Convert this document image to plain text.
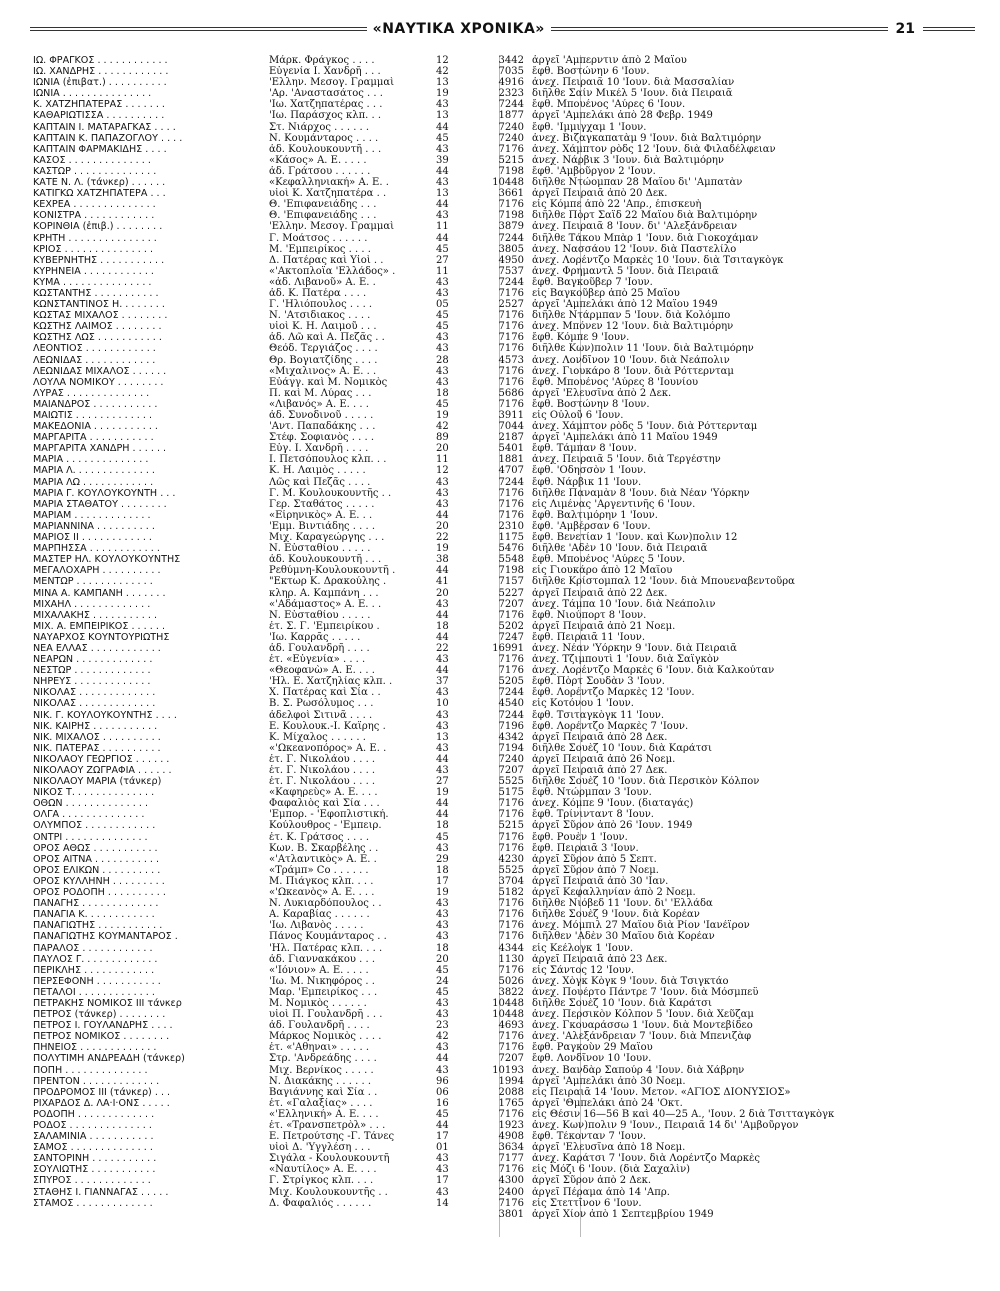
«ΝΑΥΤΙΚΑ ΧΡΟΝΙΚΑ»	21
ΙΩ. ΦΡΑΓΚΟΣ . . . . . . . . . . . .	Μάρκ. Φράγκος . . . .	12	3442 ἀργεῖ 'Αμπερντιν ἀπὸ 2 Μαΐου
ΙΩ. ΧΑΝΔΡΗΣ . . . . . . . . . . . .	Εὐγενία Ι. Χανδρῆ . . .	42	7035 ἔφθ. Βοστώνην 6 'Ιουν.
ΙΩΝΙΑ (ἐπιβατ.) . . . . . . . . . .	'Ελλην. Μεσογ. Γραμμαὶ	13	4916 ἀνεχ. Πειραιᾶ 10 'Ιουν. διὰ Μασσαλίαν
ΙΩΝΙΑ . . . . . . . . . . . . . . .	'Αρ. 'Αναστασάτος . . .	19	2323 διῆλθε Σαίν Μικέλ 5 'Ιουν. διὰ Πειραιᾶ
Κ. ΧΑΤΖΗΠΑΤΕΡΑΣ . . . . . . .	'Ιω. Χατζηπατέρας . . .	43	7244 ἔφθ. Μπουένος 'Αύρες 6 'Ιουν.
ΚΑΘΑΡΙΩΤΙΣΣΑ . . . . . . . . . .	'Ιω. Παράσχος κλπ. . .	13	1877 ἀργεῖ 'Αμπελάκι ἀπὸ 28 Φεβρ. 1949
ΚΑΠΤΑΙΝ Ι. ΜΑΤΑΡΑΓΚΑΣ . . . .	Στ. Νιάρχος . . . . . .	44	7240 ἔφθ. 'Ιμμιγχαμ 1 'Ιουν.
ΚΑΠΤΑΙΝ Κ. ΠΑΠΑΖΟΓΛΟΥ . . . .	Ν. Κουμάνταρος . . . .	45	7240 ἀνεχ. Βιζαγκαπατὰμ 9 'Ιουν. διὰ Βαλτιμόρην
ΚΑΠΤΑΙΝ ΦΑΡΜΑΚΙΔΗΣ . . . .	ἀδ. Κουλουκουντῆ . . .	43	7176 ἀνεχ. Χάμπτον ρὸδς 12 'Ιουν. διὰ Φιλαδέλφειαν
ΚΑΣΟΣ . . . . . . . . . . . . . .	«Κάσος» Α. Ε. . . . .	39	5215 ἀνεχ. Νάρβικ 3 'Ιουν. διὰ Βαλτιμόρην
ΚΑΣΤΩΡ . . . . . . . . . . . . . .	ἀδ. Γράτσου . . . . . .	44	7198 ἔφθ. 'Αμβοῦργον 2 'Ιουν.
ΚΑΤΕ Ν. Λ. (τάνκερ) . . . . . .	«Κεφαλληνιακή» Α. Ε. .	43	10448 διῆλθε Ντώομπαν 28 Μαΐου δι' 'Αμπατὰν
ΚΑΤΙΓΚΩ ΧΑΤΖΗΠΑΤΕΡΑ . . .	υἱοὶ Κ. Χατζηπατέρα . .	13	3661 ἀργεῖ Πειραιᾶ ἀπὸ 20 Δεκ.
ΚΕΧΡΕΑ . . . . . . . . . . . . . .	Θ. 'Επιφανειάδης . . .	44	7176 εἰς Κόμπε ἀπὸ 22 'Απρ., ἐπισκευὴ
ΚΟΝΙΣΤΡΑ . . . . . . . . . . . .	Θ. 'Επιφανειάδης . . .	43	7198 διῆλθε Πὸρτ Σαΐδ 22 Μαΐου διὰ Βαλτιμόρην
ΚΟΡΙΝΘΙΑ (ἐπιβ.) . . . . . . . .	'Ελλην. Μεσογ. Γραμμαὶ	11	3879 ἀνεχ. Πειραιᾶ 8 'Ιουν. δι' 'Αλεξάνδρειαν
ΚΡΗΤΗ . . . . . . . . . . . . . . .	Γ. Μοάτσος . . . . . .	44	7244 διῆλθε Τάκου Μπὰρ 1 'Ιουν. διὰ Γιοκοχάμαν
ΚΡΙΟΣ . . . . . . . . . . . . . . .	Μ. 'Εμπειρίκος . . . .	45	3805 ἀνεχ. Νασσάου 12 'Ιουν. διὰ Παστελίλο
ΚΥΒΕΡΝΗΤΗΣ . . . . . . . . . . .	Δ. Πατέρας καὶ Υἱοὶ . .	27	4950 ἀνεχ. Λορέντζο Μαρκὲς 10 'Ιουν. διὰ Τσιταγκὸγκ
ΚΥΡΗΝΕΙΑ . . . . . . . . . . . .	«'Ακτοπλοΐα 'Ελλάδος» .	11	7537 ἀνεχ. Φρημαντλ 5 'Ιουν. διὰ Πειραιᾶ
ΚΥΜΑ . . . . . . . . . . . . . . .	«ἀδ. Λιβανοῦ» Α. Ε. .	43	7244 ἔφθ. Βαγκοῦβερ 7 'Ιουν.
ΚΩΣΤΑΝΤΗΣ . . . . . . . . . . .	ἀδ. Κ. Πατέρα . . . .	43	7176 εἰς Βαγκοῦβερ ἀπὸ 25 Μαΐου
ΚΩΝΣΤΑΝΤΙΝΟΣ Η. . . . . . . .	Γ. 'Ηλιόπουλος . . . .	05	2527 ἀργεῖ 'Αμπελάκι ἀπὸ 12 Μαΐου 1949
ΚΩΣΤΑΣ ΜΙΧΑΛΟΣ . . . . . . . .	Ν. 'Ατσιδιακος . . . .	45	7176 διῆλθε Ντάρμπαν 5 'Ιουν. διὰ Κολόμπο
ΚΩΣΤΗΣ ΛΑΙΜΟΣ . . . . . . . .	υἱοὶ Κ. Η. Λαιμοῦ . . .	45	7176 ἀνεχ. Μπόνεν 12 'Ιουν. διὰ Βαλτιμόρην
ΚΩΣΤΗΣ ΛΩΣ . . . . . . . . . . .	ἀδ. Λῶ καὶ Α. Πεζᾶς . .	43	7176 ἔφθ. Κόμπε 9 'Ιουν.
ΛΕΟΝΤΙΟΣ . . . . . . . . . . . .	Θεόδ. Τεργιάζος . . . .	43	7176 διῆλθε Κων)πολιν 11 'Ιουν. διὰ Βαλτιμόρην
ΛΕΩΝΙΔΑΣ . . . . . . . . . . . .	Θρ. Βογιατζίδης . . . .	28	4573 ἀνεχ. Λονδῖνον 10 'Ιουν. διὰ Νεάπολιν
ΛΕΩΝΙΔΑΣ ΜΙΧΑΛΟΣ . . . . . .	«Μιχαλινος» Α. Ε. . .	43	7176 ἀνεχ. Γιουκάρο 8 'Ιουν. διὰ Ρόττερνταμ
ΛΟΥΛΑ ΝΟΜΙΚΟΥ . . . . . . . .	Εὐάγγ. καὶ Μ. Νομικὸς	43	7176 ἔφθ. Μπουένος 'Αύρες 8 'Ιουνίου
ΛΥΡΑΣ . . . . . . . . . . . . . .	Π. καὶ Μ. Λύρας . . .	18	5686 ἀργεῖ 'Ελευσῖνα ἀπὸ 2 Δεκ.
ΜΑΙΑΝΔΡΟΣ . . . . . . . . . . .	«Λιβανός» Α. Ε. . . .	45	7176 ἔφθ. Βοστώνην 8 'Ιουν.
ΜΑΙΩΤΙΣ . . . . . . . . . . . . .	ἀδ. Συνοδινοῦ . . . . .	19	3911 εἰς Οὐλοῦ 6 'Ιουν.
ΜΑΚΕΔΟΝΙΑ . . . . . . . . . . .	'Αντ. Παπαδάκης . . .	42	7044 ἀνεχ. Χάμπτον ρὸδς 5 'Ιουν. διὰ Ρόττερνταμ
ΜΑΡΓΑΡΙΤΑ . . . . . . . . . . .	Στέφ. Σοφιανὸς . . . .	89	2187 ἀργεῖ 'Αμπελάκι ἀπὸ 11 Μαΐου 1949
ΜΑΡΓΑΡΙΤΑ ΧΑΝΔΡΗ . . . . . .	Εὐγ. Ι. Χανδρῆ . . . .	20	5401 ἔφθ. Τάμπαν 8 'Ιουν.
ΜΑΡΙΑ . . . . . . . . . . . . . .	Ι. Πετσόπουλος κλπ. . .	11	1881 ἀνεχ. Πειραιᾶ 5 'Ιουν. διὰ Τεργέστην
ΜΑΡΙΑ Λ. . . . . . . . . . . . . .	Κ. Η. Λαιμὸς . . . . .	12	4707 ἔφθ. 'Οδησσὸν 1 'Ιουν.
ΜΑΡΙΑ ΛΩ . . . . . . . . . . . .	Λῶς καὶ Πεζᾶς . . . .	43	7244 ἔφθ. Νάρβικ 11 'Ιουν.
ΜΑΡΙΑ Γ. ΚΟΥΛΟΥΚΟΥΝΤΗ . . .	Γ. Μ. Κουλουκουντῆς . .	43	7176 διῆλθε Παναμὰν 8 'Ιουν. διὰ Νέαν 'Υόρκην
ΜΑΡΙΑ ΣΤΑΘΑΤΟΥ . . . . . . . .	Γερ. Σταθάτος . . . . .	43	7176 εἰς Λιμένας 'Αργεντινῆς 6 'Ιουν.
ΜΑΡΙΑΜ . . . . . . . . . . . . .	«Εἰρηνικὸς» Α. Ε. . .	44	7176 ἔφθ. Βαλτιμόρην 1 'Ιουν.
ΜΑΡΙΑΝΝΙΝΑ . . . . . . . . . .	'Εμμ. Βιντιάδης . . . .	20	2310 ἔφθ. 'Αμβέρσαν 6 'Ιουν.
ΜΑΡΙΟΣ ΙΙ . . . . . . . . . . . .	Μιχ. Καραγεώργης . . .	22	1175 ἔφθ. Βενετίαν 1 'Ιουν. καὶ Κων)πολιν 12
ΜΑΡΠΗΣΣΑ . . . . . . . . . . . .	Ν. Εὐσταθίου . . . . .	19	5476 διῆλθε 'Αδὲν 10 'Ιουν. διὰ Πειραιᾶ
ΜΑΣΤΕΡ ΗΛ. ΚΟΥΛΟΥΚΟΥΝΤΗΣ	ἀδ. Κουλουκουντῆ . . .	38	5548 ἔφθ. Μπουένος 'Αύρες 5 'Ιουν.
ΜΕΓΑΛΟΧΑΡΗ . . . . . . . . . .	Ρεθύμνη-Κουλουκουντῆ .	44	7198 εἰς Γιουκάρο ἀπὸ 12 Μαΐου
ΜΕΝΤΩΡ . . . . . . . . . . . . .	"Εκτωρ Κ. Δρακούλης .	41	7157 διῆλθε Κρίστομπαλ 12 'Ιουν. διὰ Μπουεναβεντοῦρα
ΜΙΝΑ Α. ΚΑΜΠΑΝΗ . . . . . . .	κληρ. Α. Καμπάνη . . .	20	5227 ἀργεῖ Πειραιᾶ ἀπὸ 22 Δεκ.
ΜΙΧΑΗΛ . . . . . . . . . . . . .	«'Αδάμαστος» Α. Ε. . .	43	7207 ἀνεχ. Τάμπα 10 'Ιουν. διὰ Νεάπολιν
ΜΙΧΑΛΑΚΗΣ . . . . . . . . . . .	Ν. Εὐσταθίου . . . . .	44	7176 ἔφθ. Νιούπορτ 8 'Ιουν.
ΜΙΧ. Α. ΕΜΠΕΙΡΙΚΟΣ . . . . . .	ἐτ. Σ. Γ. 'Εμπειρίκου .	18	5202 ἀργεῖ Πειραιᾶ ἀπὸ 21 Νοεμ.
ΝΑΥΑΡΧΟΣ ΚΟΥΝΤΟΥΡΙΩΤΗΣ	'Ιω. Καρρᾶς . . . . .	44	7247 ἔφθ. Πειραιᾶ 11 'Ιουν.
ΝΕΑ ΕΛΛΑΣ . . . . . . . . . . . .	ἀδ. Γουλανδρῆ . . . .	22	16991 ἀνεχ. Νέαν 'Υόρκην 9 'Ιουν. διὰ Πειραιᾶ
ΝΕΑΡΩΝ . . . . . . . . . . . . .	ἐτ. «Εὐγενία» . . . .	43	7176 ἀνεχ. Τζιμπουτὶ 1 'Ιουν. διὰ Σαϊγκὸν
ΝΕΣΤΩΡ . . . . . . . . . . . . .	«Θεοφανὼ» Α. Ε. . . .	44	7176 ἀνεχ. Λορέντζο Μαρκὲς 6 'Ιουν. διὰ Καλκούταν
ΝΗΡΕΥΣ . . . . . . . . . . . . .	'Ηλ. Ε. Χατζηλίας κλπ. .	37	5205 ἔφθ. Πὸρτ Σουδὰν 3 'Ιουν.
ΝΙΚΟΛΑΣ . . . . . . . . . . . . .	Χ. Πατέρας καὶ Σία . .	43	7244 ἔφθ. Λορέντζο Μαρκὲς 12 'Ιουν.
ΝΙΚΟΛΑΣ . . . . . . . . . . . . .	Β. Σ. Ρωσόλυμος . . .	10	4540 εἰς Κοτόνου 1 'Ιουν.
ΝΙΚ. Γ. ΚΟΥΛΟΥΚΟΥΝΤΗΣ . . . .	ἀδελφοὶ Σιτινᾶ . . . .	43	7244 ἔφθ. Τσιταγκὸγκ 11 'Ιουν.
ΝΙΚ. ΚΑΙΡΗΣ . . . . . . . . . . .	Ε. Κουλουκ.-Ι. Καΐρης .	43	7196 ἔφθ. Λορέντζο Μαρκὲς 7 'Ιουν.
ΝΙΚ. ΜΙΧΑΛΟΣ . . . . . . . . . .	Κ. Μίχαλος . . . . . .	13	4342 ἀργεῖ Πειραιᾶ ἀπὸ 28 Δεκ.
ΝΙΚ. ΠΑΤΕΡΑΣ . . . . . . . . . .	«'Ωκεανοπόρος» Α. Ε. .	43	7194 διῆλθε Σουὲζ 10 'Ιουν. διὰ Καράτσι
ΝΙΚΟΛΑΟΥ ΓΕΩΡΓΙΟΣ . . . . . .	ἐτ. Γ. Νικολάου . . . .	44	7240 ἀργεῖ Πειραιᾶ ἀπὸ 26 Νοεμ.
ΝΙΚΟΛΑΟΥ ΖΩΓΡΑΦΙΑ . . . . . .	ἐτ. Γ. Νικολάου . . . .	43	7207 ἀργεῖ Πειραιᾶ ἀπὸ 27 Δεκ.
ΝΙΚΟΛΑΟΥ ΜΑΡΙΑ (τάνκερ)	ἐτ. Γ. Νικολάου . . . .	27	5525 διῆλθε Σουὲζ 10 'Ιουν. διὰ Περσικὸν Κόλπον
ΝΙΚΟΣ Τ. . . . . . . . . . . . . .	«Καφηρεὺς» Α. Ε. . . .	19	5175 ἔφθ. Ντώρμπαν 3 'Ιουν.
ΟΘΩΝ . . . . . . . . . . . . . .	Φαφαλιὸς καὶ Σία . . .	44	7176 ἀνεχ. Κόμπε 9 'Ιουν. (διαταγάς)
ΟΛΓΑ . . . . . . . . . . . . . .	'Εμπορ. - 'Εφοπλιστική.	44	7176 ἔφθ. Τρίνινταντ 8 'Ιουν.
ΟΛΥΜΠΟΣ . . . . . . . . . . . .	Κούλουθρος - 'Εμπειρ.	18	5215 ἀργεῖ Σῦρον ἀπὸ 26 'Ιουν. 1949
ΟΝΤΡΙ . . . . . . . . . . . . . .	ἐτ. Κ. Γράτσος . . . .	45	7176 ἔφθ. Ρουὲν 1 'Ιουν.
ΟΡΟΣ ΑΘΩΣ . . . . . . . . . . .	Κων. Β. Σκαρβέλης . .	43	7176 ἔφθ. Πειραιᾶ 3 'Ιουν.
ΟΡΟΣ ΑΙΤΝΑ . . . . . . . . . . .	«'Ατλαντικὸς» Α. Ε. .	29	4230 ἀργεῖ Σῦρον ἀπὸ 5 Σεπτ.
ΟΡΟΣ ΕΛΙΚΩΝ . . . . . . . . . .	«Τράμπ» Co . . . . . .	18	5525 ἀργεῖ Σῦρον ἀπὸ 7 Νοεμ.
ΟΡΟΣ ΚΥΛΛΗΝΗ . . . . . . . . .	Μ. Πιάγκος κλπ. . . .	17	3704 ἀργεῖ Πειραιᾶ ἀπὸ 30 'Ιαν.
ΟΡΟΣ ΡΟΔΟΠΗ . . . . . . . . . .	«'Ωκεανὸς» Α. Ε. . . .	19	5182 ἀργεῖ Κεφαλληνίαν ἀπὸ 2 Νοεμ.
ΠΑΝΑΓΗΣ . . . . . . . . . . . . .	Ν. Λυκιαρδόπουλος . .	43	7176 διῆλθε Νιόβεδ 11 'Ιουν. δι' 'Ελλάδα
ΠΑΝΑΓΙΑ Κ. . . . . . . . . . . .	Α. Καραβίας . . . . . .	43	7176 διῆλθε Σουὲζ 9 'Ιουν. διὰ Κορέαν
ΠΑΝΑΓΙΩΤΗΣ . . . . . . . . . . .	'Ιω. Λιβανὸς . . . . .	43	7176 ἀνεχ. Μόμπιλ 27 Μαΐου διὰ Ρίον 'Ιανέϊρον
ΠΑΝΑΓΙΩΤΗΣ ΚΟΥΜΑΝΤΑΡΟΣ .	Πάνος Κουμάνταρος . .	43	7176 διῆλθεν 'Αδὲν 30 Μαΐου διὰ Κορέαν
ΠΑΡΑΛΟΣ . . . . . . . . . . . .	'Ηλ. Πατέρας κλπ. . . .	18	4344 εἰς Κεέλογκ 1 'Ιουν.
ΠΑΥΛΟΣ Γ. . . . . . . . . . . . .	ἀδ. Γιαννακάκου . . .	20	1130 ἀργεῖ Πειραιᾶ ἀπὸ 23 Δεκ.
ΠΕΡΙΚΛΗΣ . . . . . . . . . . . .	«'Ιόνιον» Α. Ε. . . . .	45	7176 εἰς Σάντος 12 'Ιουν.
ΠΕΡΣΕΦΟΝΗ . . . . . . . . . . .	'Ιω. Μ. Νικηφόρος . .	24	5026 ἀνεχ. Χὸγκ Κὸγκ 9 'Ιουν. διὰ Τσιγκτάο
ΠΕΤΑΛΟΙ . . . . . . . . . . . . .	Μαρ. 'Εμπειρίκος . . .	45	3822 ἀνεχ. Πουέρτο Πάντρε 7 'Ιουν. διὰ Μόσμπεϋ
ΠΕΤΡΑΚΗΣ ΝΟΜΙΚΟΣ ΙΙΙ τάνκερ	Μ. Νομικὸς . . . . . .	43	10448 διῆλθε Σουὲζ 10 'Ιουν. διὰ Καράτσι
ΠΕΤΡΟΣ (τάνκερ) . . . . . . . .	υἱοὶ Π. Γουλανδρῆ . . .	43	10448 ἀνεχ. Περσικὸν Κόλπον 5 'Ιουν. διὰ Χεῦζαμ
ΠΕΤΡΟΣ Ι. ΓΟΥΛΑΝΔΡΗΣ . . . .	ἀδ. Γουλανδρῆ . . . .	23	4693 ἀνεχ. Γκουαράσσω 1 'Ιουν. διὰ Μοντεβίδεο
ΠΕΤΡΟΣ ΝΟΜΙΚΟΣ . . . . . . . .	Μάρκος Νομικὸς . . . .	42	7176 ἀνεχ. 'Αλεξάνδρειαν 7 'Ιουν. διὰ Μπενιζὰφ
ΠΗΝΕΙΟΣ . . . . . . . . . . . . .	ἐτ. «'Αθηναι» . . . . .	43	7176 ἔφθ. Ραγκοὺν 29 Μαΐου
ΠΟΛΥΤΙΜΗ ΑΝΔΡΕΑΔΗ (τάνκερ)	Στρ. 'Ανδρεάδης . . . .	44	7207 ἔφθ. Λονδῖνον 10 'Ιουν.
ΠΟΠΗ . . . . . . . . . . . . . .	Μιχ. Βερνίκος . . . . .	43	10193 ἀνεχ. Βανδὰρ Σαπούρ 4 'Ιουν. διὰ Χάβρην
ΠΡΕΝΤΟΝ . . . . . . . . . . . . .	Ν. Διακάκης . . . . . .	96	1994 ἀργεῖ 'Αμπελάκι ἀπὸ 30 Νοεμ.
ΠΡΟΔΡΟΜΟΣ ΙΙΙ (τάνκερ) . . .	Βαγιάννης καὶ Σία . .	06	2088 εἰς Πειραιᾶ 14 'Ιουν. Μετον. «ΑΓΙΟΣ ΔΙΟΝΥΣΙΟΣ»
ΡΙΧΑΡΔΟΣ Δ. ΛΑ·Ι·ΟΝΣ . . . . .	ἐτ. «Γαλαξίας» . . . .	16	1765 ἀργεῖ 'Θμπελάκι ἀπὸ 24 'Οκτ.
ΡΟΔΟΠΗ . . . . . . . . . . . . .	«'Ελληνική» Α. Ε. . . .	45	7176 εἰς Θέσιν 16—56 Β καὶ 40—25 Α., 'Ιουν. 2 διὰ Τσιτταγκὸγκ
ΡΟΔΟΣ . . . . . . . . . . . . . .	ἐτ. «Τρανσπετρὸλ» . . .	44	1923 ἀνεχ. Κων)πολιν 9 'Ιουν., Πειραιᾶ 14 δι' 'Αμβοῦργον
ΣΑΛΑΜΙΝΙΑ . . . . . . . . . . .	Ε. Πετρούτσης -Γ. Τάνες	17	4908 ἔφθ. Τέκονταν 7 'Ιουν.
ΣΑΜΟΣ . . . . . . . . . . . . . .	υἱοὶ Δ. 'Υγγλέση . . .	01	3634 ἀργεῖ 'Ελευσῖνα ἀπὸ 18 Νοεμ.
ΣΑΝΤΟΡΙΝΗ . . . . . . . . . . .	Σιγάλα - Κουλουκουντῆ	43	7177 ἀνεχ. Καράτσι 7 'Ιουν. διὰ Λορέντζο Μαρκὲς
ΣΟΥΛΙΩΤΗΣ . . . . . . . . . . .	«Ναυτίλος» Α. Ε. . . .	43	7176 εἰς Μόζι 6 'Ιουν. (διὰ Σαχαλὶν)
ΣΠΥΡΟΣ . . . . . . . . . . . . .	Γ. Στρίγκος κλπ. . . .	17	4300 ἀργεῖ Σῦρον ἀπὸ 2 Δεκ.
ΣΤΑΘΗΣ Ι. ΓΙΑΝΝΑΓΑΣ . . . . .	Μιχ. Κουλουκουντῆς . .	43	2400 ἀργεῖ Πέραμα ἀπὸ 14 'Απρ.
ΣΤΑΜΟΣ . . . . . . . . . . . . .	Δ. Φαφαλιός . . . . . .	14	7176 εἰς Στεττῖνον 6 'Ιουν.
3801 ἀργεῖ Χίον ἀπὸ 1 Σεπτεμβρίου 1949
